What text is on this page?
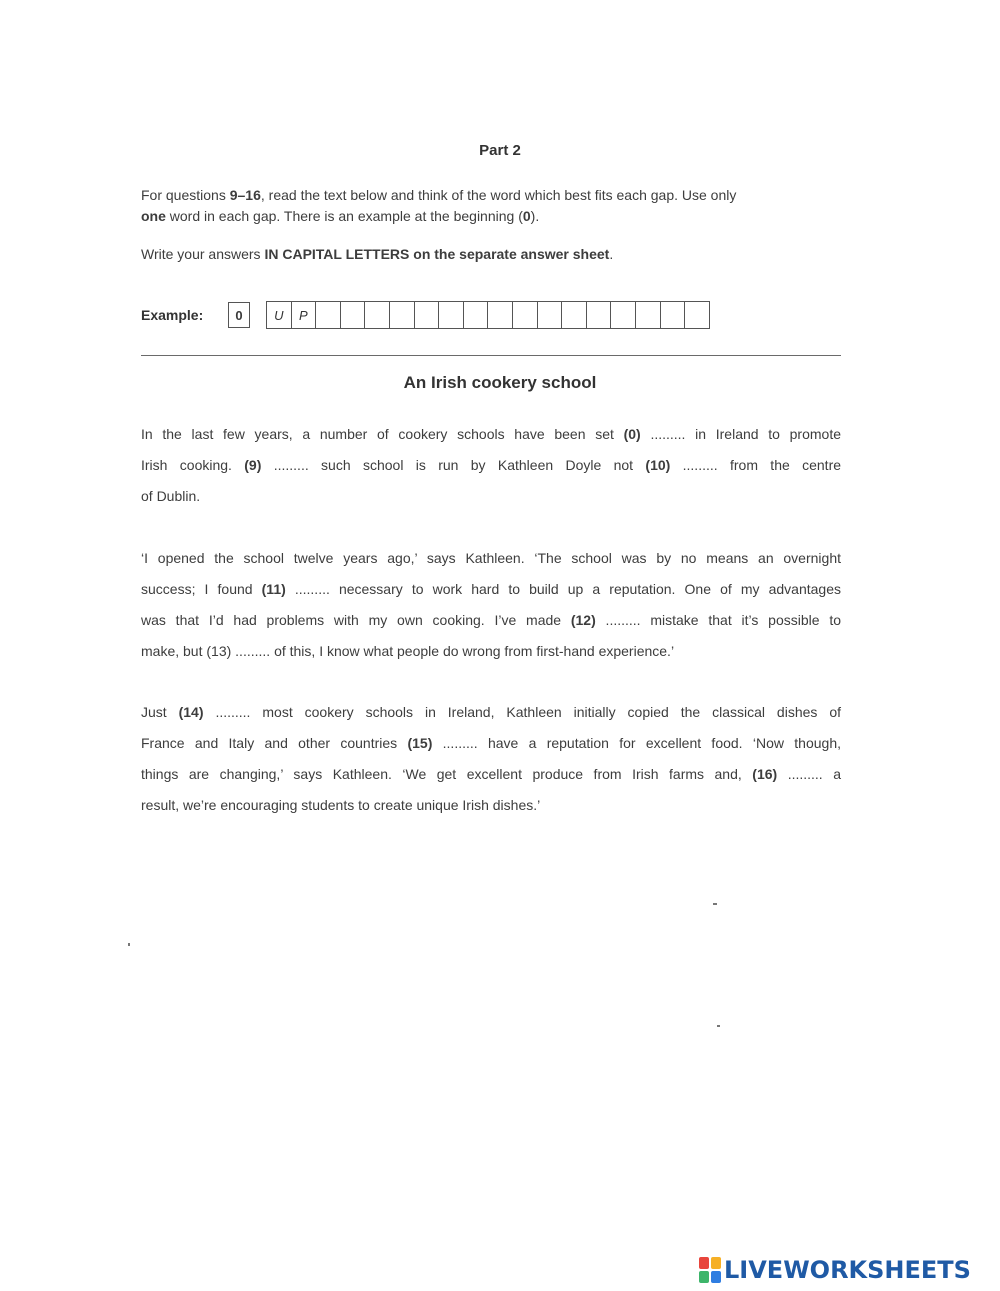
Part 2

For questions 9–16, read the text below and think of the word which best fits each gap. Use only

one word in each gap. There is an example at the beginning (0).

Write your answers IN CAPITAL LETTERS on the separate answer sheet.

Example:	0	U	P
An Irish cookery school
In the last few years, a number of cookery schools have been set (0) ......... in Ireland to promote
Irish cooking. (9) ......... such school is run by Kathleen Doyle not (10) ......... from the centre
of Dublin.
‘I opened the school twelve years ago,’ says Kathleen. ‘The school was by no means an overnight
success; I found (11) ......... necessary to work hard to build up a reputation. One of my advantages
was that I’d had problems with my own cooking. I’ve made (12) ......... mistake that it’s possible to
make, but (13) ......... of this, I know what people do wrong from first-hand experience.’
Just (14) ......... most cookery schools in Ireland, Kathleen initially copied the classical dishes of
France and Italy and other countries (15) ......... have a reputation for excellent food. ‘Now though,
things are changing,’ says Kathleen. ‘We get excellent produce from Irish farms and, (16) ......... a
result, we’re encouraging students to create unique Irish dishes.’
LIVEWORKSHEETS
